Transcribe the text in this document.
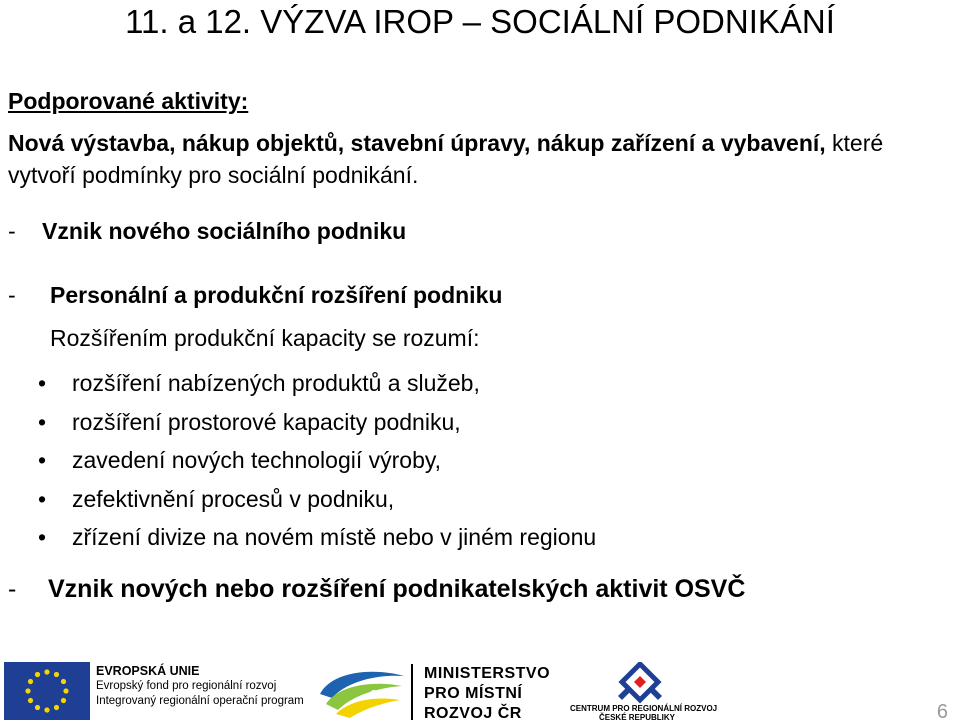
11. a 12. VÝZVA IROP – SOCIÁLNÍ PODNIKÁNÍ
Podporované aktivity:
Nová výstavba, nákup objektů, stavební úpravy, nákup zařízení a vybavení, které vytvoří podmínky pro sociální podnikání.
- Vznik nového sociálního podniku
- Personální a produkční rozšíření podniku
Rozšířením produkční kapacity se rozumí:
• rozšíření nabízených produktů a služeb,
• rozšíření prostorové kapacity podniku,
• zavedení nových technologií výroby,
• zefektivnění procesů v podniku,
• zřízení divize na novém místě nebo v jiném regionu
- Vznik nových nebo rozšíření podnikatelských aktivit OSVČ
EVROPSKÁ UNIE
Evropský fond pro regionální rozvoj
Integrovaný regionální operační program
MINISTERSTVO
PRO MÍSTNÍ
ROZVOJ ČR	CENTRUM PRO REGIONÁLNÍ ROZVOJ
ČESKÉ REPUBLIKY	6
